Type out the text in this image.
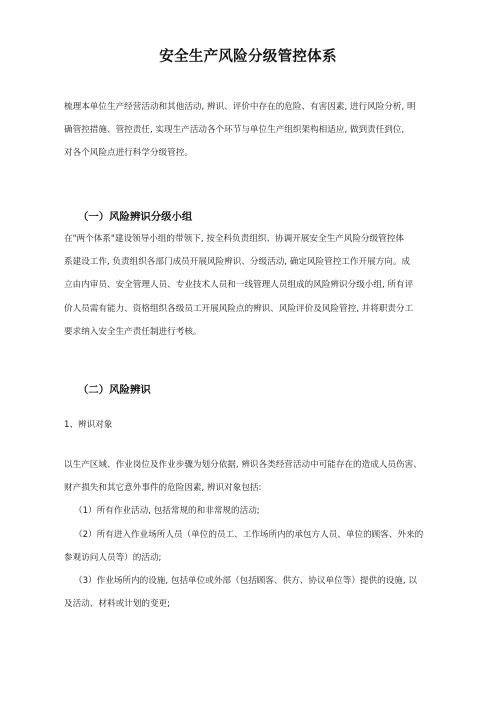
安全生产风险分级管控体系

梳理本单位生产经营活动和其他活动, 辨识、评价中存在的危险、有害因素, 进行风险分析, 明
确管控措施、管控责任, 实现生产活动各个环节与单位生产组织架构相适应, 做到责任到位,
对各个风险点进行科学分级管控。

（一）风险辨识分级小组

在"两个体系"建设领导小组的带领下, 按全科负责组织、协调开展安全生产风险分级管控体
系建设工作, 负责组织各部门成员开展风险辨识、分级活动, 确定风险管控工作开展方向。成
立由内审员、安全管理人员、专业技术人员和一线管理人员组成的风险辨识分级小组, 所有评
价人员需有能力、资格组织各级员工开展风险点的辨识、风险评价及风险管控, 并将职责分工
要求纳入安全生产责任制进行考核。

（二）风险辨识

1、辨识对象

以生产区域、作业岗位及作业步骤为划分依据, 辨识各类经营活动中可能存在的造成人员伤害、
财产损失和其它意外事件的危险因素, 辨识对象包括:
（1）所有作业活动, 包括常规的和非常规的活动;
（2）所有进入作业场所人员（单位的员工、工作场所内的承包方人员、单位的顾客、外来的
参观访问人员等）的活动;
（3）作业场所内的设施, 包括单位或外部（包括顾客、供方、协议单位等）提供的设施, 以
及活动、材料或计划的变更;
